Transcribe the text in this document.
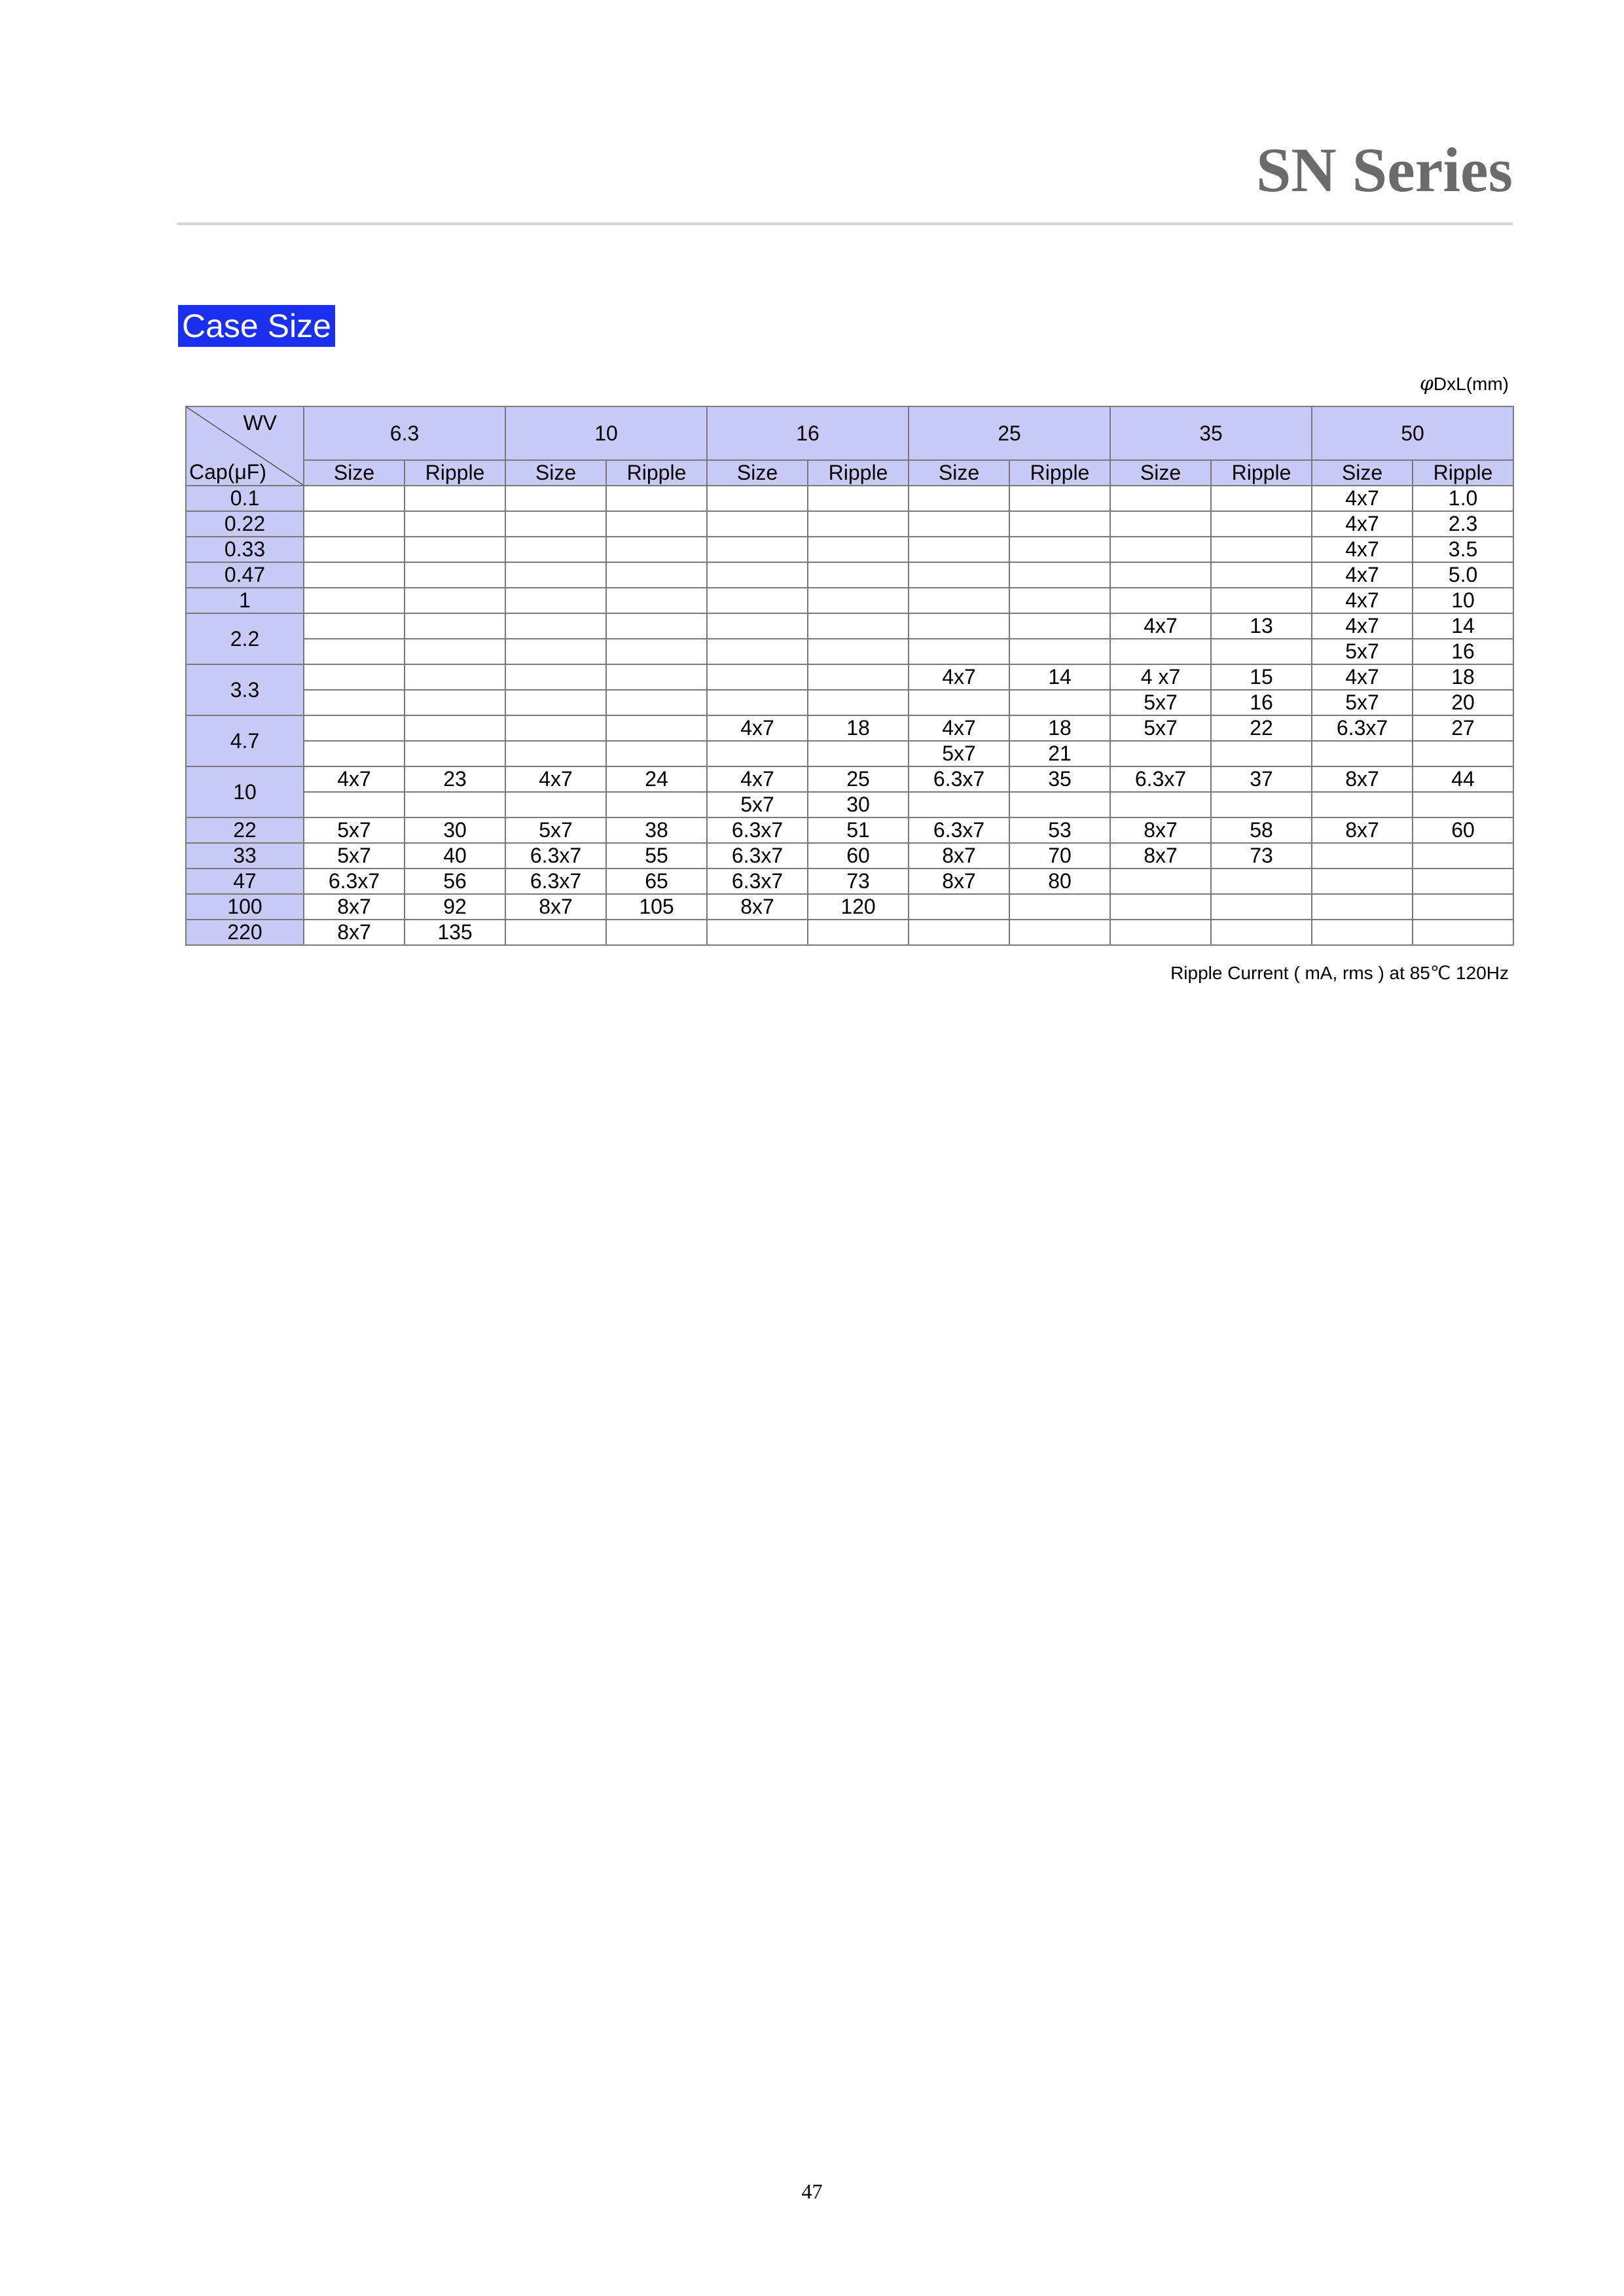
SN Series
Case Size
φDxL(mm)
WV
Cap(μF)	6.3		10		16		25		35		50	
	Size	Ripple	Size	Ripple	Size	Ripple	Size	Ripple	Size	Ripple	Size	Ripple
0.1											4x7	1.0
0.22											4x7	2.3
0.33											4x7	3.5
0.47											4x7	5.0
1											4x7	10
2.2									4x7	13	4x7	14
											5x7	16
3.3							4x7	14	4 x7	15	4x7	18
									5x7	16	5x7	20
4.7					4x7	18	4x7	18	5x7	22	6.3x7	27
							5x7	21				
10	4x7	23	4x7	24	4x7	25	6.3x7	35	6.3x7	37	8x7	44
					5x7	30						
22	5x7	30	5x7	38	6.3x7	51	6.3x7	53	8x7	58	8x7	60
33	5x7	40	6.3x7	55	6.3x7	60	8x7	70	8x7	73		
47	6.3x7	56	6.3x7	65	6.3x7	73	8x7	80				
100	8x7	92	8x7	105	8x7	120						
220	8x7	135										
Ripple Current ( mA, rms ) at 85℃ 120Hz
47
